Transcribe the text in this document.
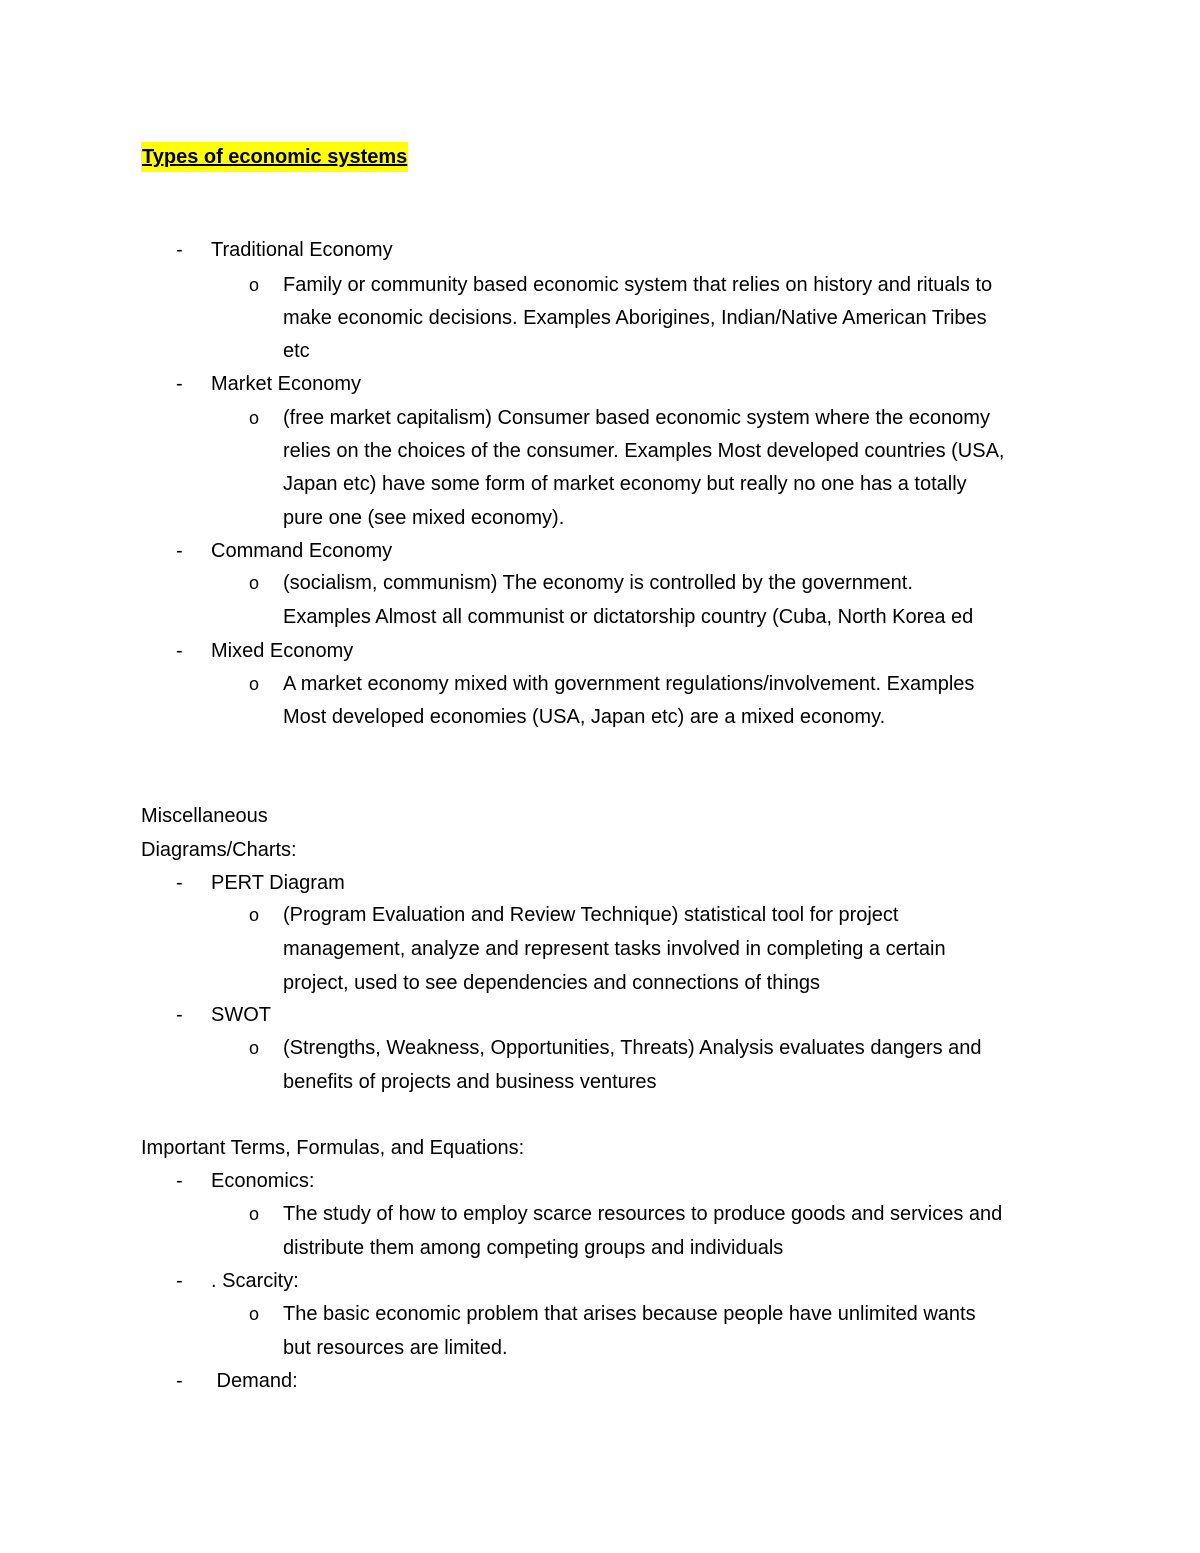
Types of economic systems
- Traditional Economy
o Family or community based economic system that relies on history and rituals to
make economic decisions. Examples Aborigines, Indian/Native American Tribes
etc
- Market Economy
o (free market capitalism) Consumer based economic system where the economy
relies on the choices of the consumer. Examples Most developed countries (USA,
Japan etc) have some form of market economy but really no one has a totally
pure one (see mixed economy).
- Command Economy
o (socialism, communism) The economy is controlled by the government.
Examples Almost all communist or dictatorship country (Cuba, North Korea ed
- Mixed Economy
o A market economy mixed with government regulations/involvement. Examples
Most developed economies (USA, Japan etc) are a mixed economy.
Miscellaneous
Diagrams/Charts:
- PERT Diagram
o (Program Evaluation and Review Technique) statistical tool for project
management, analyze and represent tasks involved in completing a certain
project, used to see dependencies and connections of things
- SWOT
o (Strengths, Weakness, Opportunities, Threats) Analysis evaluates dangers and
benefits of projects and business ventures
Important Terms, Formulas, and Equations:
- Economics:
o The study of how to employ scarce resources to produce goods and services and
distribute them among competing groups and individuals
- . Scarcity:
o The basic economic problem that arises because people have unlimited wants
but resources are limited.
- Demand:
